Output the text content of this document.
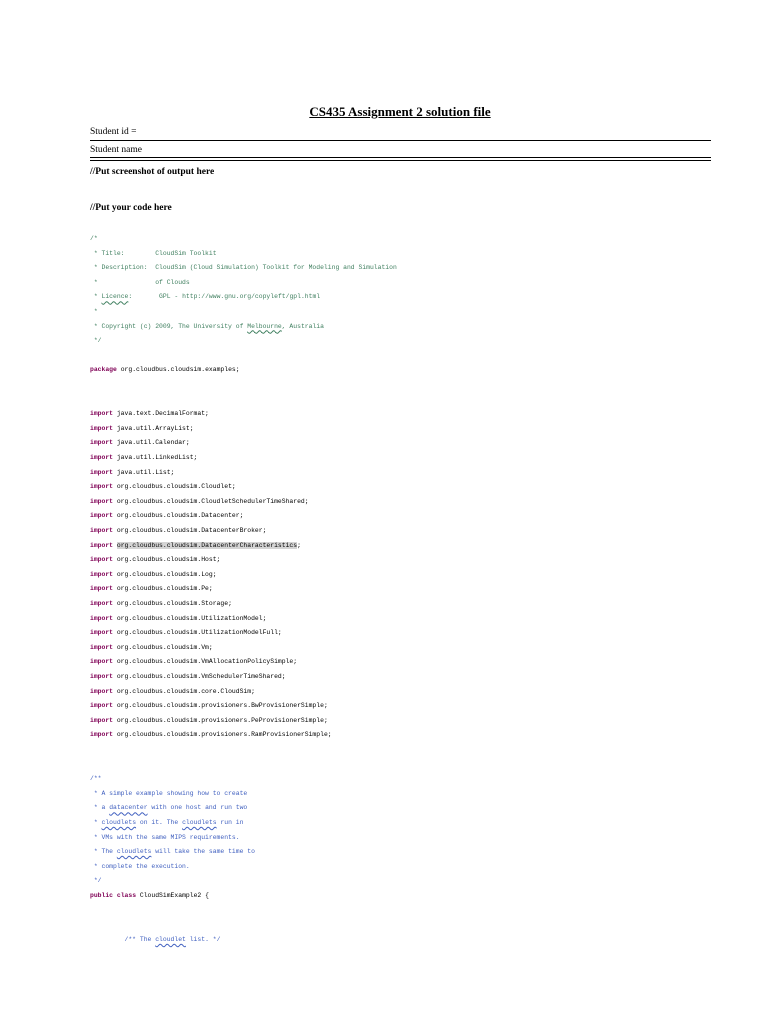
CS435 Assignment 2 solution file
Student id =
Student name
//Put screenshot of output here
//Put your code here
/*
* Title:        CloudSim Toolkit
* Description:  CloudSim (Cloud Simulation) Toolkit for Modeling and Simulation
*               of Clouds
* Licence:       GPL - http://www.gnu.org/copyleft/gpl.html
*
* Copyright (c) 2009, The University of Melbourne, Australia
*/
package org.cloudbus.cloudsim.examples;
import java.text.DecimalFormat;
import java.util.ArrayList;
import java.util.Calendar;
import java.util.LinkedList;
import java.util.List;
import org.cloudbus.cloudsim.Cloudlet;
import org.cloudbus.cloudsim.CloudletSchedulerTimeShared;
import org.cloudbus.cloudsim.Datacenter;
import org.cloudbus.cloudsim.DatacenterBroker;
import org.cloudbus.cloudsim.DatacenterCharacteristics;
import org.cloudbus.cloudsim.Host;
import org.cloudbus.cloudsim.Log;
import org.cloudbus.cloudsim.Pe;
import org.cloudbus.cloudsim.Storage;
import org.cloudbus.cloudsim.UtilizationModel;
import org.cloudbus.cloudsim.UtilizationModelFull;
import org.cloudbus.cloudsim.Vm;
import org.cloudbus.cloudsim.VmAllocationPolicySimple;
import org.cloudbus.cloudsim.VmSchedulerTimeShared;
import org.cloudbus.cloudsim.core.CloudSim;
import org.cloudbus.cloudsim.provisioners.BwProvisionerSimple;
import org.cloudbus.cloudsim.provisioners.PeProvisionerSimple;
import org.cloudbus.cloudsim.provisioners.RamProvisionerSimple;
/**
* A simple example showing how to create
* a datacenter with one host and run two
* cloudlets on it. The cloudlets run in
* VMs with the same MIPS requirements.
* The cloudlets will take the same time to
* complete the execution.
*/
public class CloudSimExample2 {
/** The cloudlet list. */
